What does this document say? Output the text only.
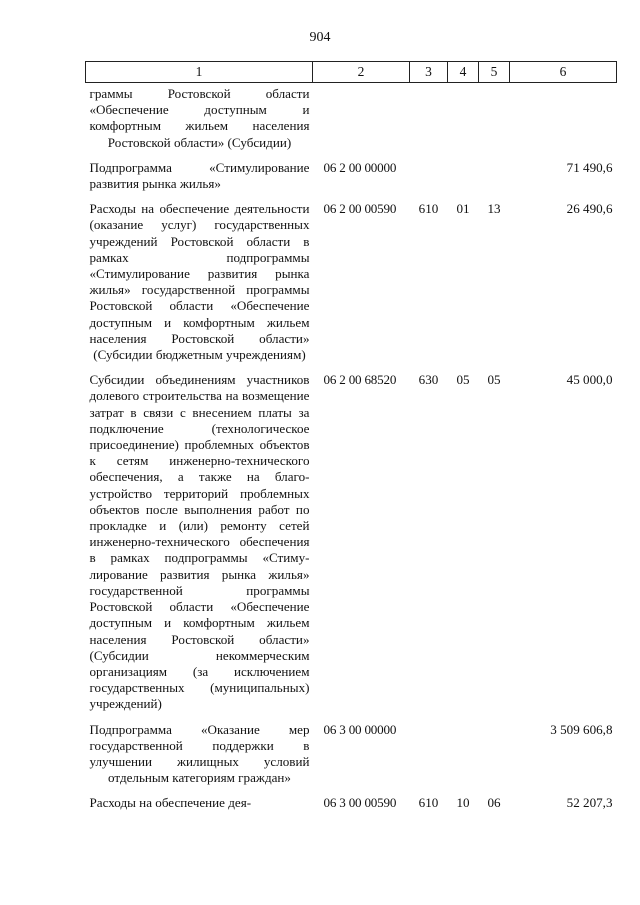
904
1	2	3	4	5	6
граммы Ростовской области «Обеспечение доступным и комфортным жильем населения Ростовской области» (Субсидии)					
Подпрограмма «Стимулирование развития рынка жилья»	06 2 00 00000				71 490,6
Расходы на обеспечение деятельности (оказание услуг) государственных учреждений Ростовской области в рамках подпрограммы «Стимулирование развития рынка жилья» государственной программы Ростовской области «Обеспечение доступным и комфортным жильем населения Ростовской области» (Субсидии бюджетным учреждениям)	06 2 00 00590	610	01	13	26 490,6
Субсидии объединениям участников долевого строительства на возмещение затрат в связи с внесением платы за подключение (технологическое присоединение) проблемных объектов к сетям инженерно-технического обеспечения, а также на благоустройство территорий проблемных объектов после выполнения работ по прокладке и (или) ремонту сетей инженерно-технического обеспечения в рамках подпрограммы «Стимулирование развития рынка жилья» государственной программы Ростовской области «Обеспечение доступным и комфортным жильем населения Ростовской области» (Субсидии некоммерческим организациям (за исключением государственных (муниципальных) учреждений)	06 2 00 68520	630	05	05	45 000,0
Подпрограмма «Оказание мер государственной поддержки в улучшении жилищных условий отдельным категориям граждан»	06 3 00 00000				3 509 606,8
Расходы на обеспечение дея-	06 3 00 00590	610	10	06	52 207,3
